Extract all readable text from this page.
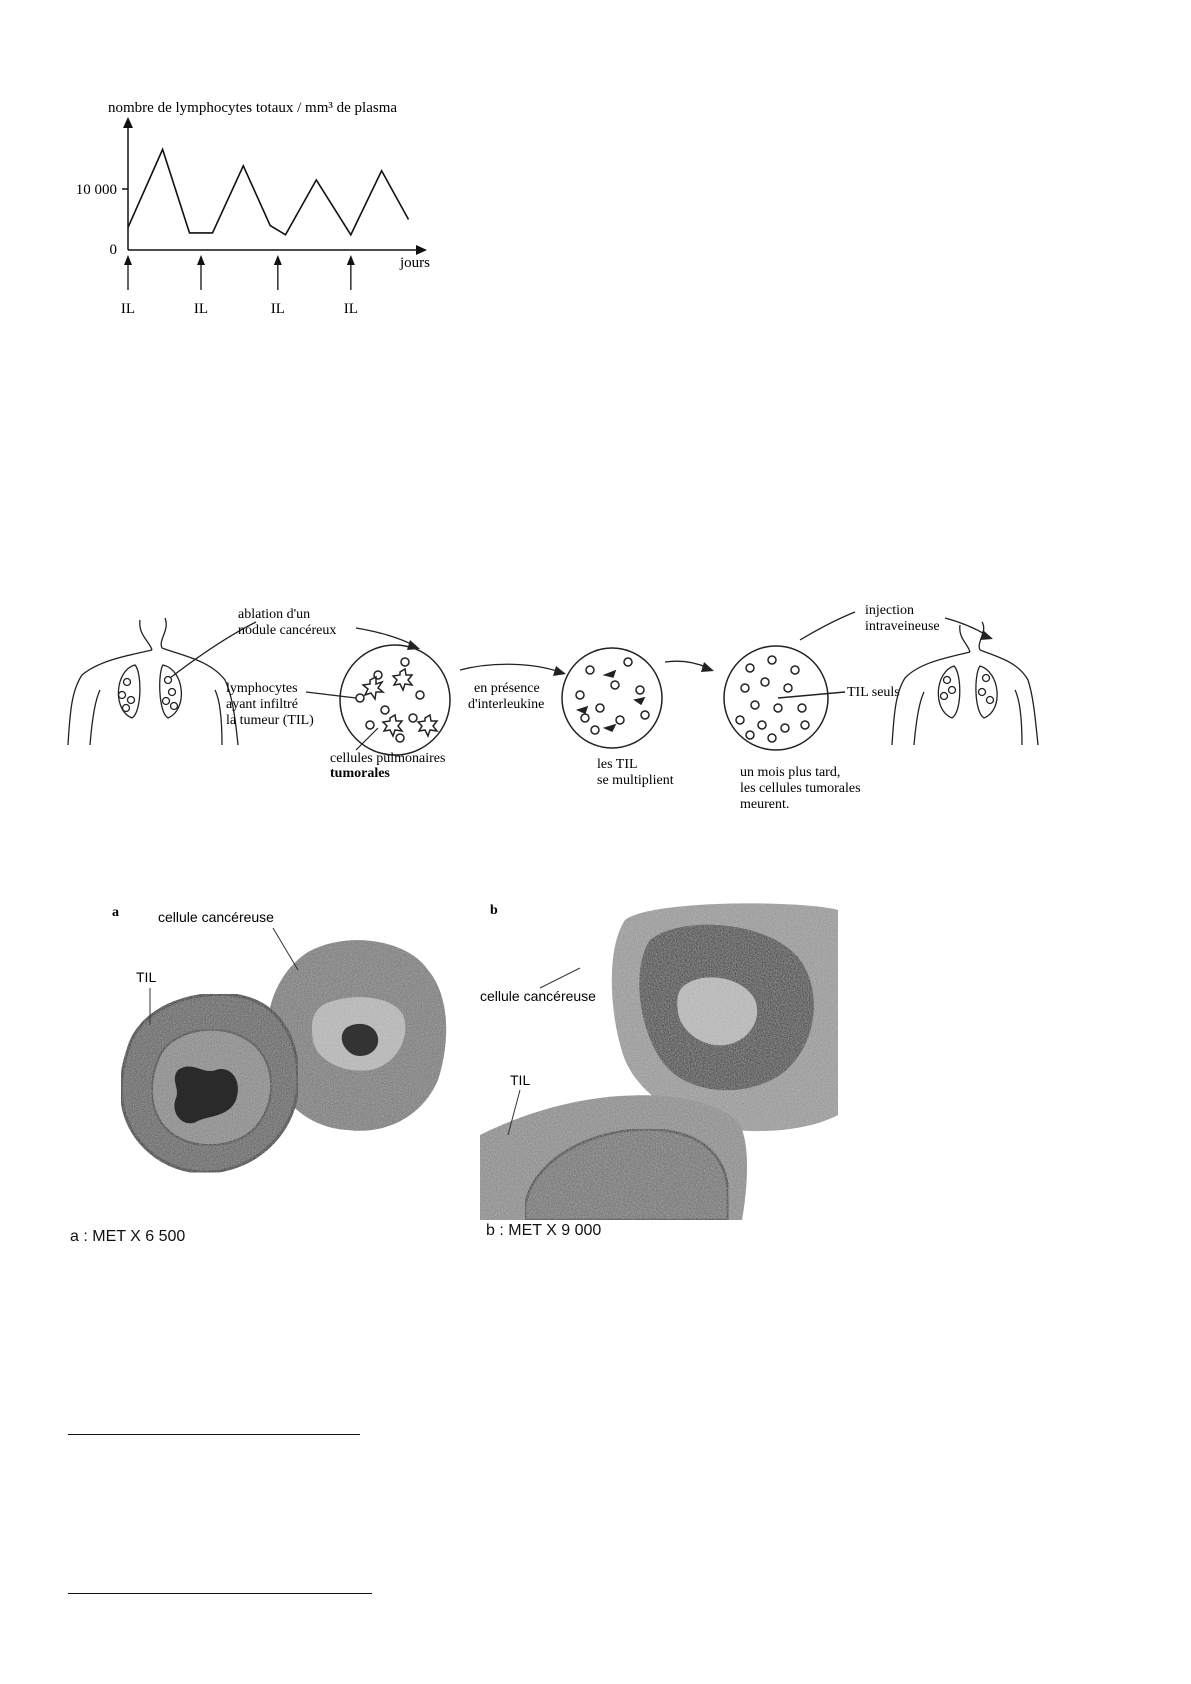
nombre de lymphocytes totaux / mm³ de plasma
10 000
0
jours
IL	IL	IL	IL
ablation d'un
nodule cancéreux
lymphocytes
ayant infiltré
la tumeur (TIL)
cellules pulmonaires
tumorales
en présence
d'interleukine
les TIL
se multiplient
TIL seuls
un mois plus tard,
les cellules tumorales
meurent.
injection
intraveineuse
a	cellule cancéreuse
TIL
b
cellule cancéreuse
TIL
a : MET X 6 500	b : MET X 9 000
